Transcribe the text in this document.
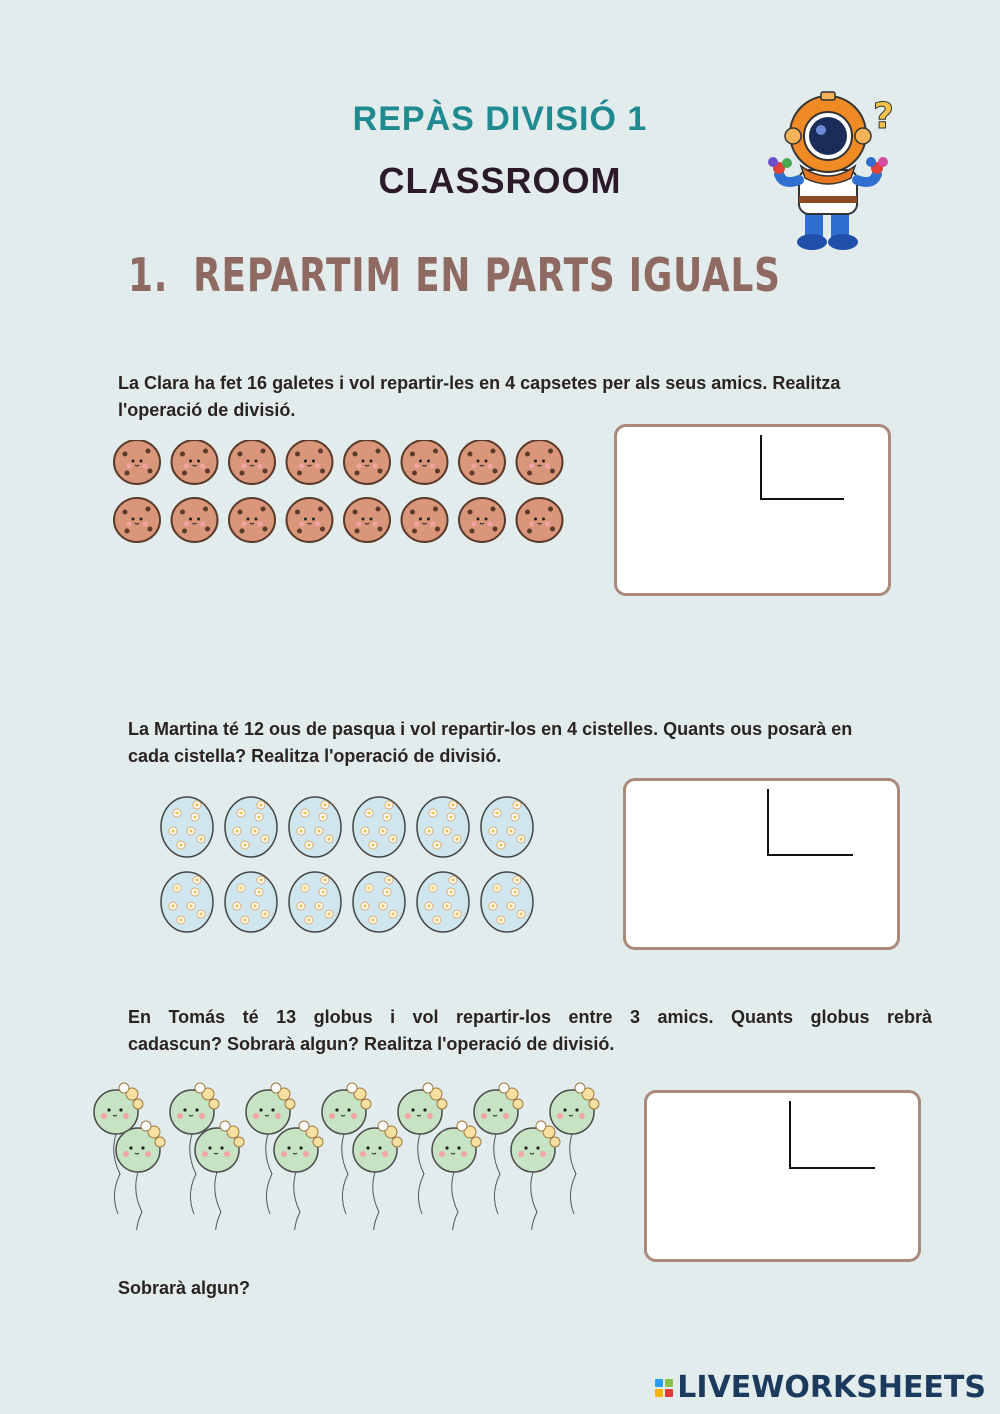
REPÀS DIVISIÓ 1
CLASSROOM
?
1. REPARTIM EN PARTS IGUALS
La Clara ha fet 16 galetes i vol repartir-les en 4 capsetes per als seus amics. Realitza
l'operació de divisió.
La Martina té 12 ous de pasqua i vol repartir-los en 4 cistelles. Quants ous posarà en
cada cistella? Realitza l'operació de divisió.
En Tomás té 13 globus i vol repartir-los entre 3 amics. Quants globus rebrà
cadascun? Sobrarà algun? Realitza l'operació de divisió.
Sobrarà algun?
LIVEWORKSHEETS
